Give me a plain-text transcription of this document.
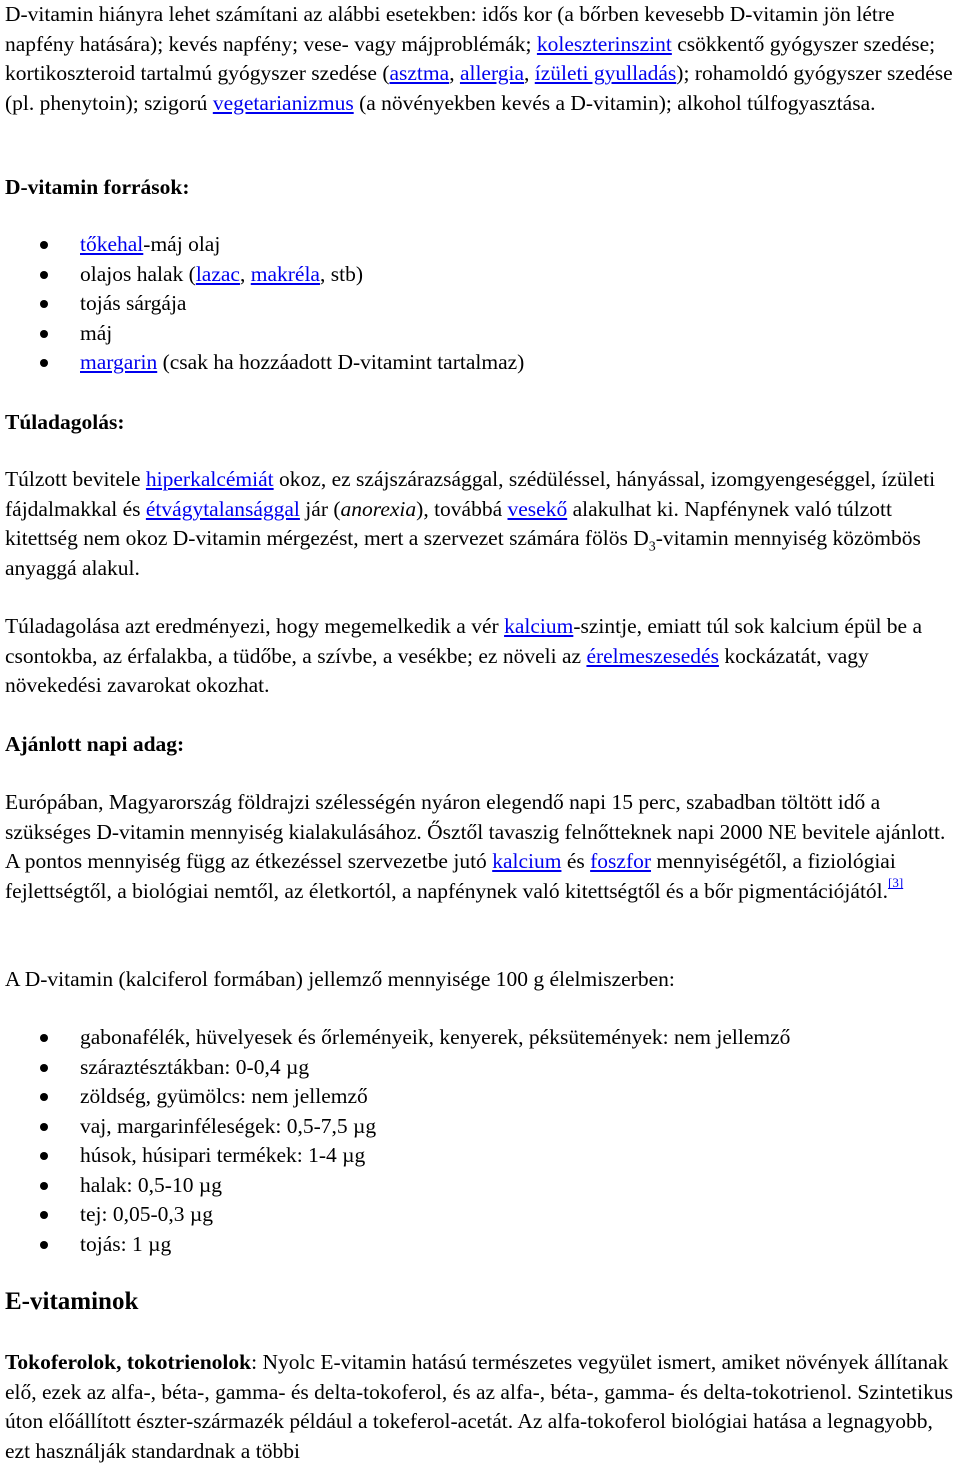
D-vitamin hiányra lehet számítani az alábbi esetekben: idős kor (a bőrben kevesebb D-vitamin jön létre napfény hatására); kevés napfény; vese- vagy májproblémák; koleszterinszint csökkentő gyógyszer szedése; kortikoszteroid tartalmú gyógyszer szedése (asztma, allergia, ízületi gyulladás); rohamoldó gyógyszer szedése (pl. phenytoin); szigorú vegetarianizmus (a növényekben kevés a D-vitamin); alkohol túlfogyasztása.

D-vitamin források:

tőkehal-máj olaj
olajos halak (lazac, makréla, stb)
tojás sárgája
máj
margarin (csak ha hozzáadott D-vitamint tartalmaz)

Túladagolás:

Túlzott bevitele hiperkalcémiát okoz, ez szájszárazsággal, szédüléssel, hányással, izomgyengeséggel, ízületi fájdalmakkal és étvágytalansággal jár (anorexia), továbbá vesekő alakulhat ki. Napfénynek való túlzott kitettség nem okoz D-vitamin mérgezést, mert a szervezet számára fölös $D_3$-vitamin mennyiség közömbös anyaggá alakul.

Túladagolása azt eredményezi, hogy megemelkedik a vér kalcium-szintje, emiatt túl sok kalcium épül be a csontokba, az érfalakba, a tüdőbe, a szívbe, a vesékbe; ez növeli az érelmeszesedés kockázatát, vagy növekedési zavarokat okozhat.

Ajánlott napi adag:

Európában, Magyarország földrajzi szélességén nyáron elegendő napi 15 perc, szabadban töltött idő a szükséges D-vitamin mennyiség kialakulásához. Ősztől tavaszig felnőtteknek napi 2000 NE bevitele ajánlott. A pontos mennyiség függ az étkezéssel szervezetbe jutó kalcium és foszfor mennyiségétől, a fiziológiai fejlettségtől, a biológiai nemtől, az életkortól, a napfénynek való kitettségtől és a bőr pigmentációjától.[3]

A D-vitamin (kalciferol formában) jellemző mennyisége 100 g élelmiszerben:

gabonafélék, hüvelyesek és őrleményeik, kenyerek, péksütemények: nem jellemző
száraztésztákban: 0-0,4 µg
zöldség, gyümölcs: nem jellemző
vaj, margarinféleségek: 0,5-7,5 µg
húsok, húsipari termékek: 1-4 µg
halak: 0,5-10 µg
tej: 0,05-0,3 µg
tojás: 1 µg
E-vitaminok

Tokoferolok, tokotrienolok: Nyolc E-vitamin hatású természetes vegyület ismert, amiket növények állítanak elő, ezek az alfa-, béta-, gamma- és delta-tokoferol, és az alfa-, béta-, gamma- és delta-tokotrienol. Szintetikus úton előállított észter-származék például a tokeferol-acetát. Az alfa-tokoferol biológiai hatása a legnagyobb, ezt használják standardnak a többi
